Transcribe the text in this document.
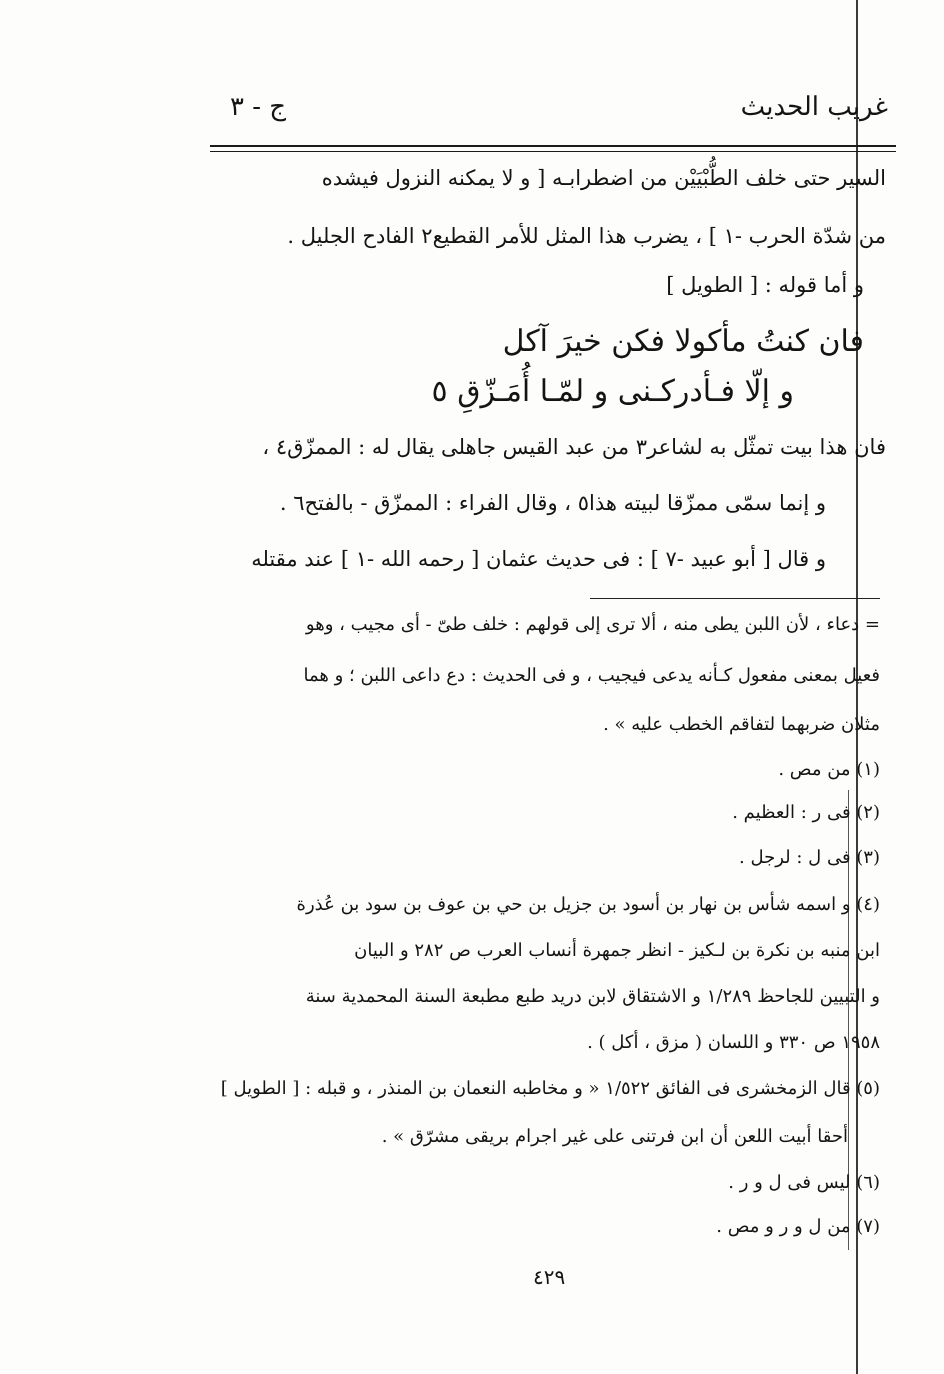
غريب الحديث
ج - ٣
السير حتى خلف الطُّبْيَيْن من اضطرابـه [ و لا يمكنه النزول فيشده
من شدّة الحرب -١ ] ، يضرب هذا المثل للأمر القطيع٢ الفادح الجليل .
و أما قوله : [ الطويل ]
فان كنتُ مأكولا فكن خيرَ آكل
و إلّا فـأدركـنى و لمّـا أُمَـزّقِ ٥
فان هذا بيت تمثّل به لشاعر٣ من عبد القيس جاهلى يقال له : الممزّق٤ ،
و إنما سمّى ممزّقا لبيته هذا٥ ، وقال الفراء : الممزّق - بالفتح٦ .
و قال [ أبو عبيد -٧ ] : فى حديث عثمان [ رحمه الله -١ ] عند مقتله
= دعاء ، لأن اللبن يطى منه ، ألا ترى إلى قولهم : خلف طىّ - أى مجيب ، وهو
فعيل بمعنى مفعول كـأنه يدعى فيجيب ، و فى الحديث : دع داعى اللبن ؛ و هما
مثلان ضربهما لتفاقم الخطب عليه » .
(١) من مص .
(٢) فى ر : العظيم .
(٣) فى ل : لرجل .
(٤) و اسمه شأس بن نهار بن أسود بن جزيل بن حي بن عوف بن سود بن عُذرة
ابن منبه بن نكرة بن لـكيز - انظر جمهرة أنساب العرب ص ٢٨٢ و البيان
و التبيين للجاحظ ١/٢٨٩ و الاشتقاق لابن دريد طبع مطبعة السنة المحمدية سنة
١٩٥٨ ص ٣٣٠ و اللسان ( مزق ، أكل ) .
(٥) قال الزمخشرى فى الفائق ١/٥٢٢ « و مخاطبه النعمان بن المنذر ، و قبله : [ الطويل ]
أحقا أبيت اللعن أن ابن فرتنى على غير اجرام بريقى مشرّق » .
(٦) ليس فى ل و ر .
(٧) من ل و ر و مص .
٤٢٩
